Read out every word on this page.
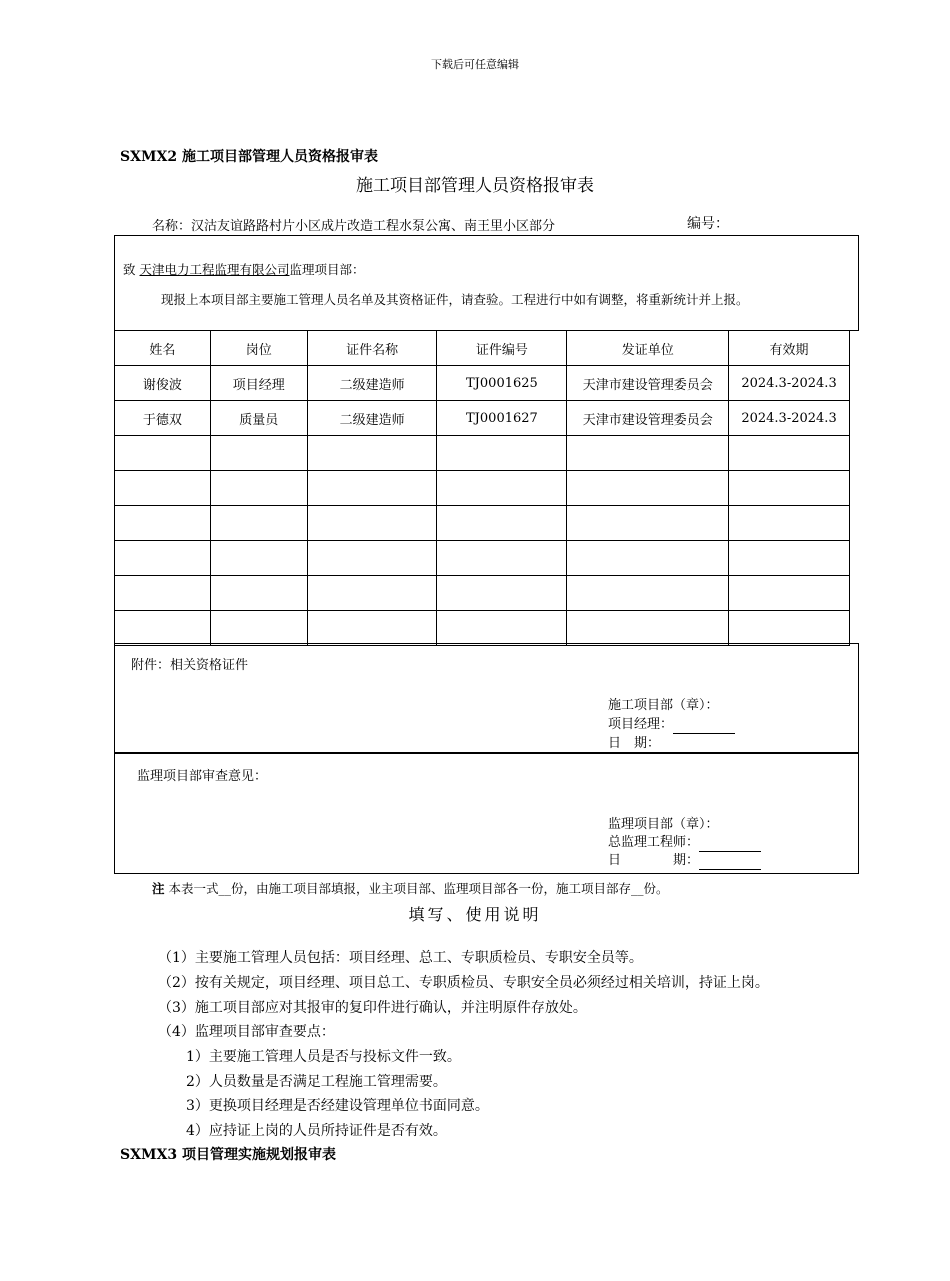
下载后可任意编辑
SXMX2 施工项目部管理人员资格报审表
施工项目部管理人员资格报审表
名称：汉沽友谊路路村片小区成片改造工程水泵公寓、南王里小区部分	编号：
致 天津电力工程监理有限公司监理项目部：
现报上本项目部主要施工管理人员名单及其资格证件，请查验。工程进行中如有调整，将重新统计并上报。
姓名	岗位	证件名称	证件编号	发证单位	有效期
谢俊波	项目经理	二级建造师	TJ0001625	天津市建设管理委员会	2024.3-2024.3
于德双	质量员	二级建造师	TJ0001627	天津市建设管理委员会	2024.3-2024.3

附件：相关资格证件
施工项目部（章）：
项目经理：
日　期：
监理项目部审查意见：
监理项目部（章）：
总监理工程师：
日　　　　期：
注 本表一式__份，由施工项目部填报，业主项目部、监理项目部各一份，施工项目部存__份。
填写、使用说明
（1）主要施工管理人员包括：项目经理、总工、专职质检员、专职安全员等。
（2）按有关规定，项目经理、项目总工、专职质检员、专职安全员必须经过相关培训，持证上岗。
（3）施工项目部应对其报审的复印件进行确认，并注明原件存放处。
（4）监理项目部审查要点：
1）主要施工管理人员是否与投标文件一致。
2）人员数量是否满足工程施工管理需要。
3）更换项目经理是否经建设管理单位书面同意。
4）应持证上岗的人员所持证件是否有效。
SXMX3 项目管理实施规划报审表
